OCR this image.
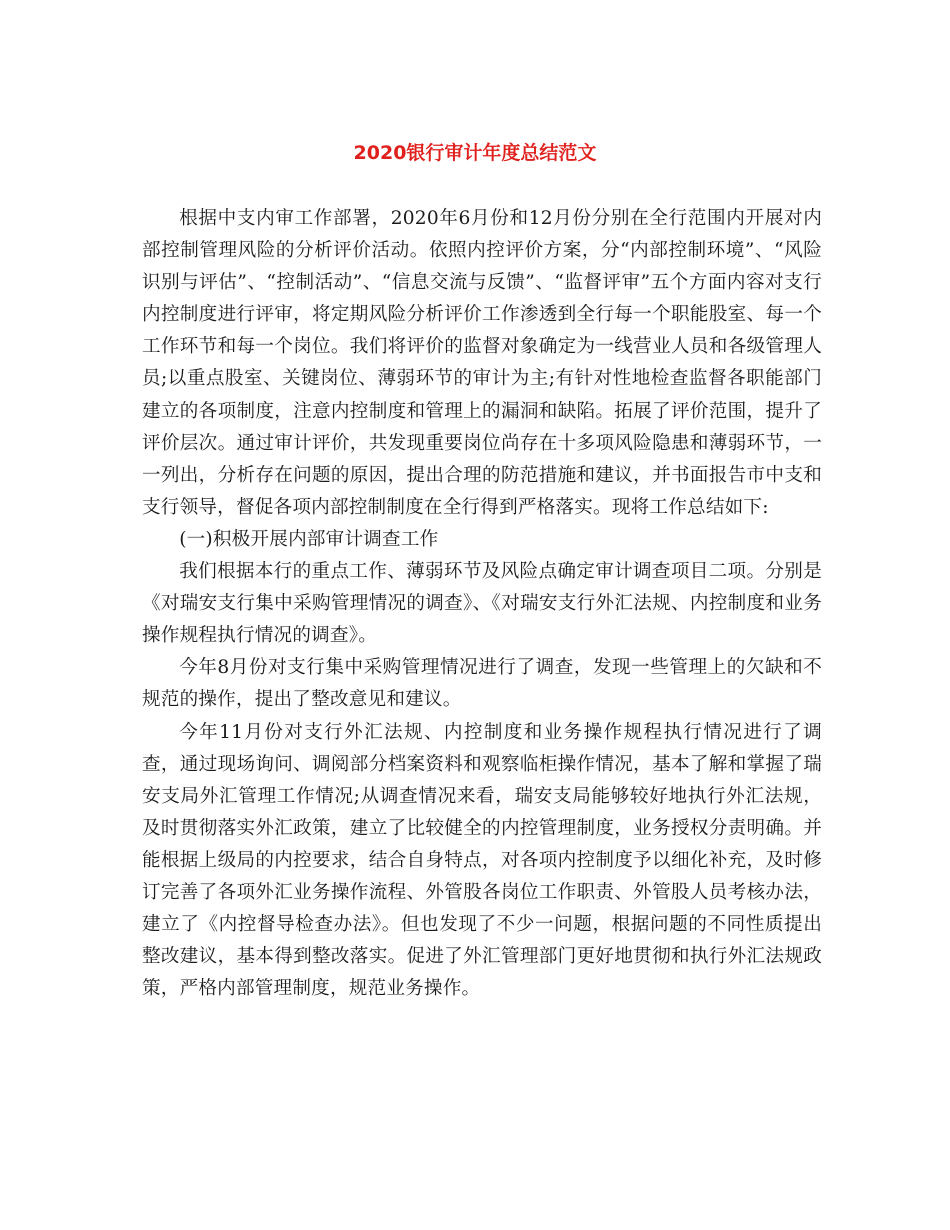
2020银行审计年度总结范文

根据中支内审工作部署，2020年6月份和12月份分别在全行范围内开展对内部控制管理风险的分析评价活动。依照内控评价方案，分“内部控制环境”、“风险识别与评估”、“控制活动”、“信息交流与反馈”、“监督评审”五个方面内容对支行内控制度进行评审，将定期风险分析评价工作渗透到全行每一个职能股室、每一个工作环节和每一个岗位。我们将评价的监督对象确定为一线营业人员和各级管理人员;以重点股室、关键岗位、薄弱环节的审计为主;有针对性地检查监督各职能部门建立的各项制度，注意内控制度和管理上的漏洞和缺陷。拓展了评价范围，提升了评价层次。通过审计评价，共发现重要岗位尚存在十多项风险隐患和薄弱环节，一一列出，分析存在问题的原因，提出合理的防范措施和建议，并书面报告市中支和支行领导，督促各项内部控制制度在全行得到严格落实。现将工作总结如下:

(一)积极开展内部审计调查工作

我们根据本行的重点工作、薄弱环节及风险点确定审计调查项目二项。分别是《对瑞安支行集中采购管理情况的调查》、《对瑞安支行外汇法规、内控制度和业务操作规程执行情况的调查》。

今年8月份对支行集中采购管理情况进行了调查，发现一些管理上的欠缺和不规范的操作，提出了整改意见和建议。

今年11月份对支行外汇法规、内控制度和业务操作规程执行情况进行了调查，通过现场询问、调阅部分档案资料和观察临柜操作情况，基本了解和掌握了瑞安支局外汇管理工作情况;从调查情况来看，瑞安支局能够较好地执行外汇法规，及时贯彻落实外汇政策，建立了比较健全的内控管理制度，业务授权分责明确。并能根据上级局的内控要求，结合自身特点，对各项内控制度予以细化补充，及时修订完善了各项外汇业务操作流程、外管股各岗位工作职责、外管股人员考核办法，建立了《内控督导检查办法》。但也发现了不少一问题，根据问题的不同性质提出整改建议，基本得到整改落实。促进了外汇管理部门更好地贯彻和执行外汇法规政策，严格内部管理制度，规范业务操作。
